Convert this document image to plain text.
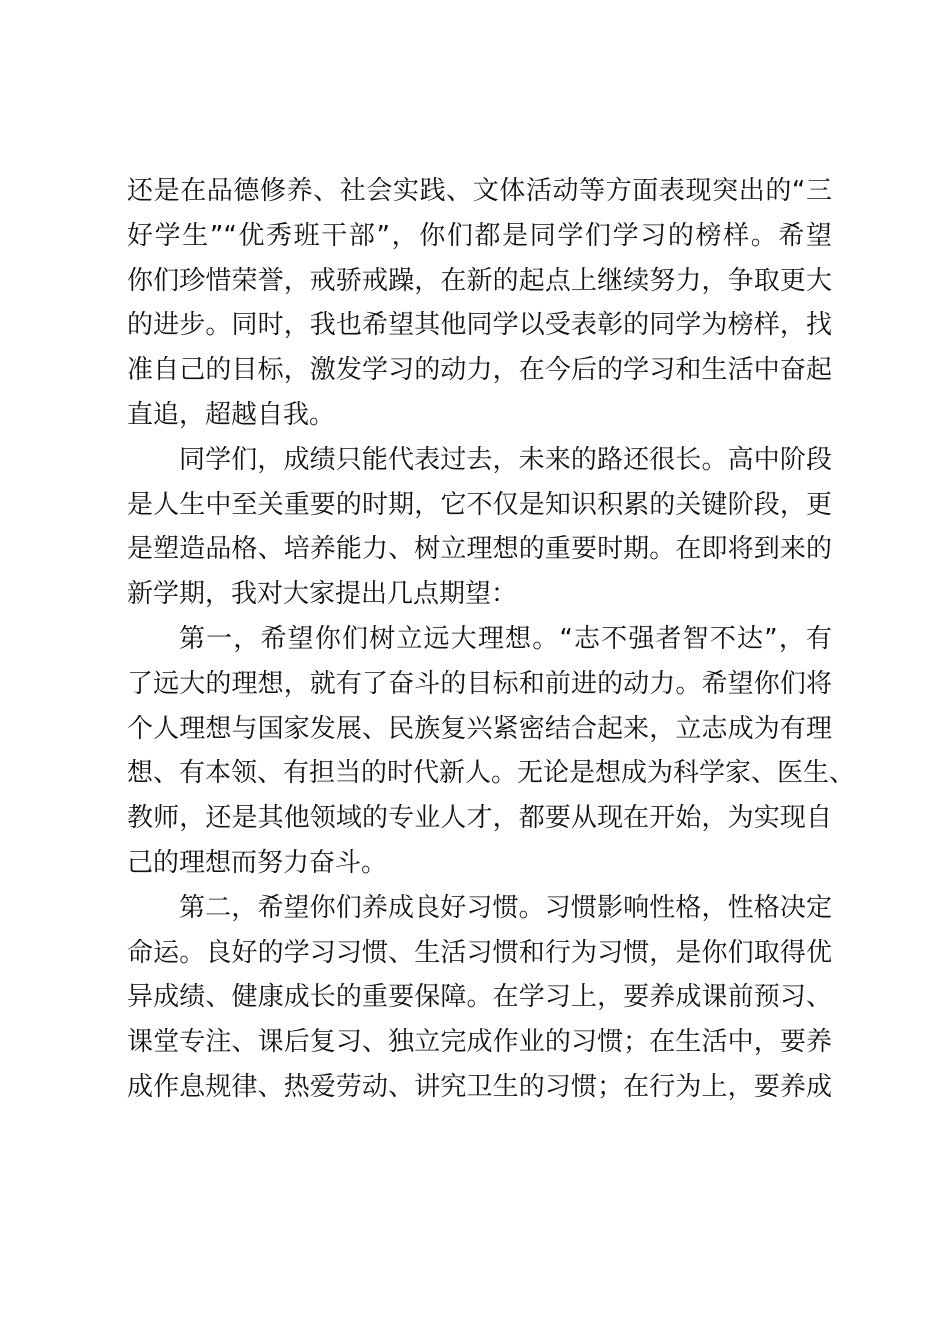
还是在品德修养、社会实践、文体活动等方面表现突出的“三
好学生”“优秀班干部”，你们都是同学们学习的榜样。希望
你们珍惜荣誉，戒骄戒躁，在新的起点上继续努力，争取更大
的进步。同时，我也希望其他同学以受表彰的同学为榜样，找
准自己的目标，激发学习的动力，在今后的学习和生活中奋起
直追，超越自我。
同学们，成绩只能代表过去，未来的路还很长。高中阶段
是人生中至关重要的时期，它不仅是知识积累的关键阶段，更
是塑造品格、培养能力、树立理想的重要时期。在即将到来的
新学期，我对大家提出几点期望：
第一，希望你们树立远大理想。“志不强者智不达”，有
了远大的理想，就有了奋斗的目标和前进的动力。希望你们将
个人理想与国家发展、民族复兴紧密结合起来，立志成为有理
想、有本领、有担当的时代新人。无论是想成为科学家、医生、
教师，还是其他领域的专业人才，都要从现在开始，为实现自
己的理想而努力奋斗。
第二，希望你们养成良好习惯。习惯影响性格，性格决定
命运。良好的学习习惯、生活习惯和行为习惯，是你们取得优
异成绩、健康成长的重要保障。在学习上，要养成课前预习、
课堂专注、课后复习、独立完成作业的习惯；在生活中，要养
成作息规律、热爱劳动、讲究卫生的习惯；在行为上，要养成
